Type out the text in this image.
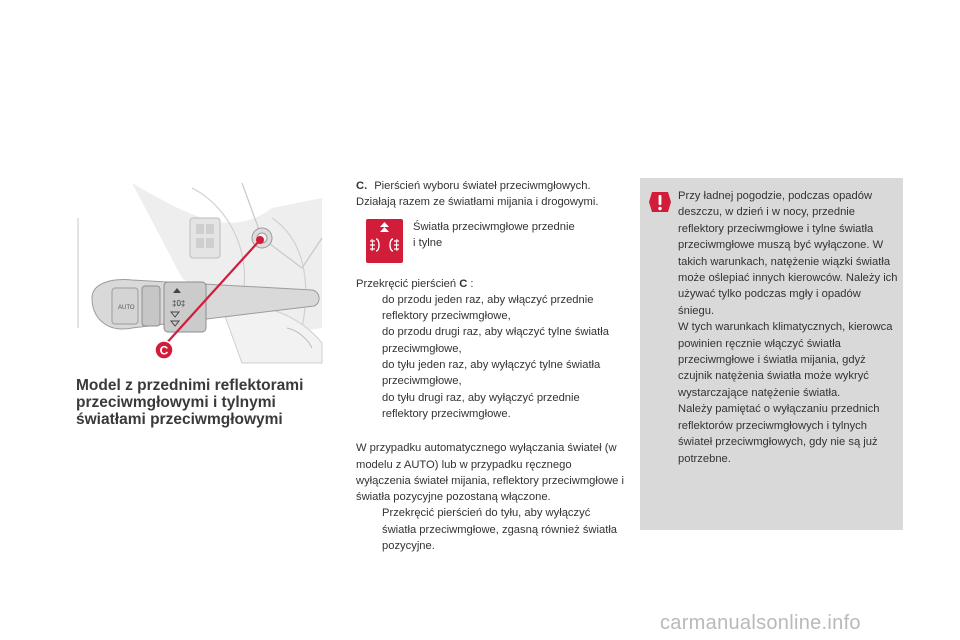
‡0‡
AUTO
C
Model z przednimi reflektorami
przeciwmgłowymi i tylnymi
światłami przeciwmgłowymi

C. Pierścień wyboru świateł przeciwmgłowych. Działają razem ze światłami mijania i drogowymi.

Światła przeciwmgłowe przednie
i tylne

Przekręcić pierścień C :

do przodu jeden raz, aby włączyć przednie reflektory przeciwmgłowe,
do przodu drugi raz, aby włączyć tylne światła przeciwmgłowe,
do tyłu jeden raz, aby wyłączyć tylne światła przeciwmgłowe,
do tyłu drugi raz, aby wyłączyć przednie reflektory przeciwmgłowe.

W przypadku automatycznego wyłączania świateł (w modelu z AUTO) lub w przypadku ręcznego wyłączenia świateł mijania, reflektory przeciwmgłowe i światła pozycyjne pozostaną włączone.

Przekręcić pierścień do tyłu, aby wyłączyć światła przeciwmgłowe, zgasną również światła pozycyjne.
Przy ładnej pogodzie, podczas opadów deszczu, w dzień i w nocy, przednie reflektory przeciwmgłowe i tylne światła przeciwmgłowe muszą być wyłączone. W takich warunkach, natężenie wiązki światła może oślepiać innych kierowców. Należy ich używać tylko podczas mgły i opadów śniegu.
W tych warunkach klimatycznych, kierowca powinien ręcznie włączyć światła przeciwmgłowe i światła mijania, gdyż czujnik natężenia światła może wykryć wystarczające natężenie światła.
Należy pamiętać o wyłączaniu przednich reflektorów przeciwmgłowych i tylnych świateł przeciwmgłowych, gdy nie są już potrzebne.
carmanualsonline.info
